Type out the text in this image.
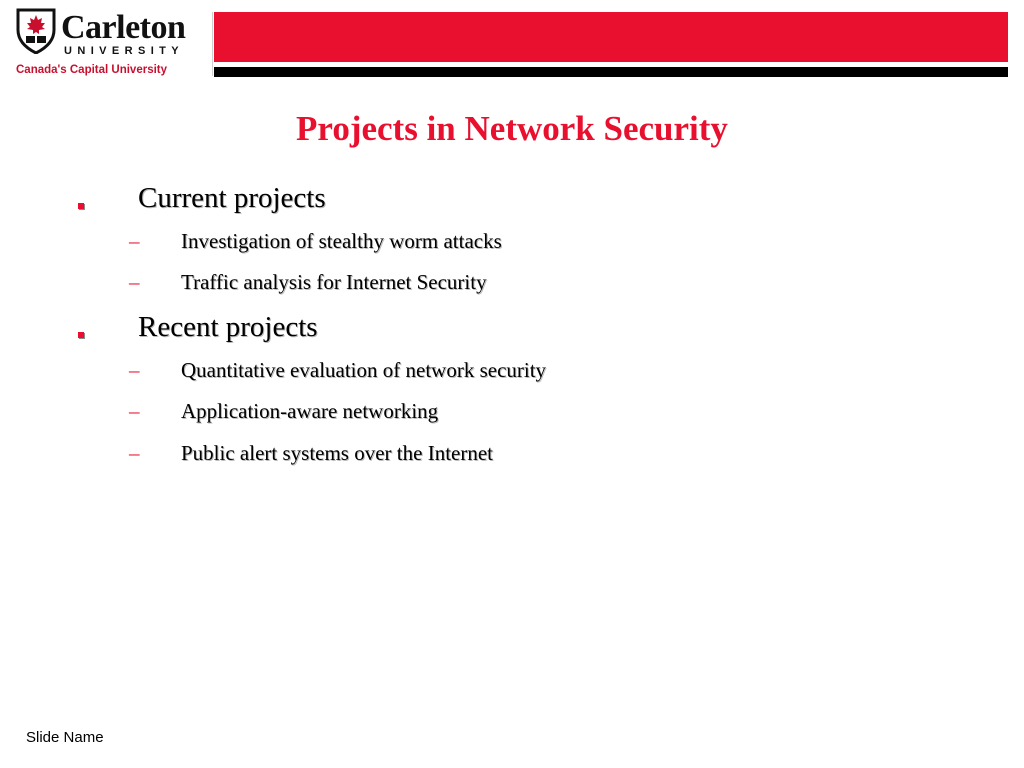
Carleton
UNIVERSITY
Canada's Capital University
Projects in Network Security
Current projects
– Investigation of stealthy worm attacks
– Traffic analysis for Internet Security
Recent projects
– Quantitative evaluation of network security
– Application-aware networking
– Public alert systems over the Internet
Slide Name
